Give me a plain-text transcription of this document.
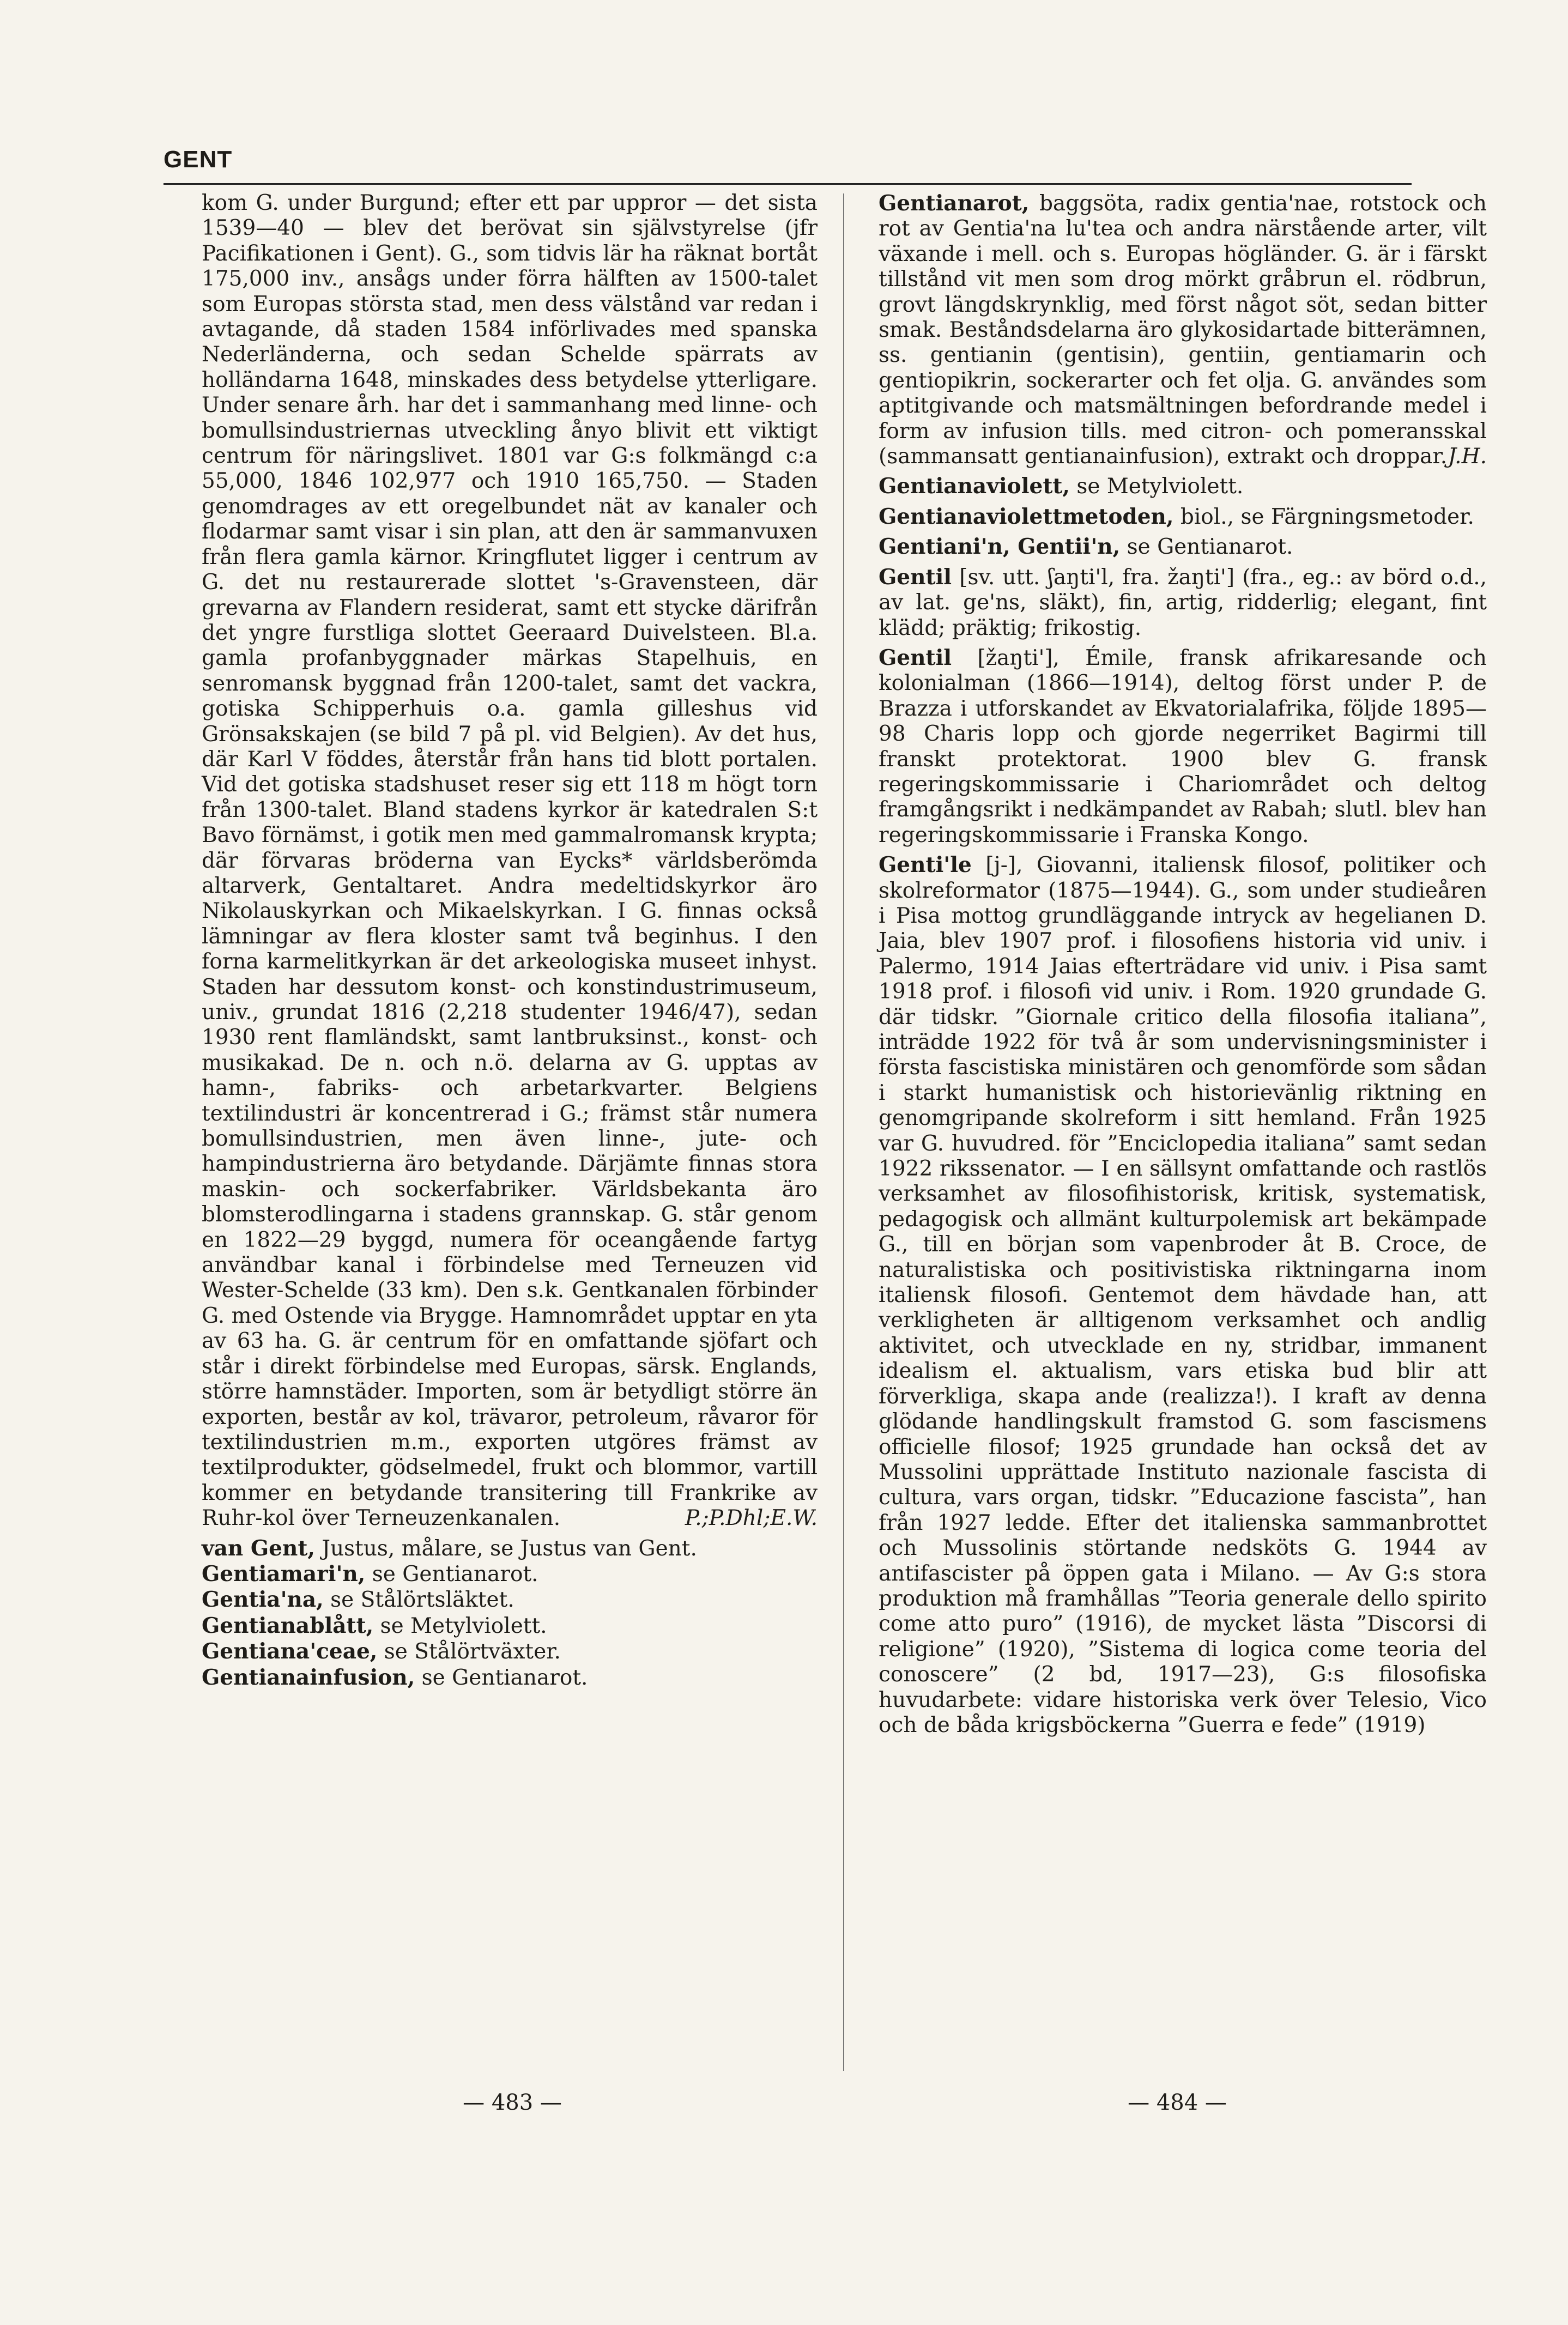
GENT

kom G. under Burgund; efter ett par uppror — det sista 1539—40 — blev det berövat sin självstyrelse (jfr Pacifikationen i Gent). G., som tidvis lär ha räknat bortåt 175,000 inv., ansågs under förra hälften av 1500-talet som Europas största stad, men dess välstånd var redan i avtagande, då staden 1584 införlivades med spanska Nederländerna, och sedan Schelde spärrats av holländarna 1648, minskades dess betydelse ytterligare. Under senare årh. har det i sammanhang med linne- och bomullsindustriernas utveckling ånyo blivit ett viktigt centrum för näringslivet. 1801 var G:s folkmängd c:a 55,000, 1846 102,977 och 1910 165,750. — Staden genomdrages av ett oregelbundet nät av kanaler och flodarmar samt visar i sin plan, att den är sammanvuxen från flera gamla kärnor. Kringflutet ligger i centrum av G. det nu restaurerade slottet 's-Gravensteen, där grevarna av Flandern residerat, samt ett stycke därifrån det yngre furstliga slottet Geeraard Duivelsteen. Bl.a. gamla profanbyggnader märkas Stapelhuis, en senromansk byggnad från 1200-talet, samt det vackra, gotiska Schipperhuis o.a. gamla gilleshus vid Grönsakskajen (se bild 7 på pl. vid Belgien). Av det hus, där Karl V föddes, återstår från hans tid blott portalen. Vid det gotiska stadshuset reser sig ett 118 m högt torn från 1300-talet. Bland stadens kyrkor är katedralen S:t Bavo förnämst, i gotik men med gammalromansk krypta; där förvaras bröderna van Eycks* världsberömda altarverk, Gentaltaret. Andra medeltidskyrkor äro Nikolauskyrkan och Mikaelskyrkan. I G. finnas också lämningar av flera kloster samt två beginhus. I den forna karmelitkyrkan är det arkeologiska museet inhyst. Staden har dessutom konst- och konstindustrimuseum, univ., grundat 1816 (2,218 studenter 1946/47), sedan 1930 rent flamländskt, samt lantbruksinst., konst- och musikakad. De n. och n.ö. delarna av G. upptas av hamn-, fabriks- och arbetarkvarter. Belgiens textilindustri är koncentrerad i G.; främst står numera bomullsindustrien, men även linne-, jute- och hampindustrierna äro betydande. Därjämte finnas stora maskin- och sockerfabriker. Världsbekanta äro blomsterodlingarna i stadens grannskap. G. står genom en 1822—29 byggd, numera för oceangående fartyg användbar kanal i förbindelse med Terneuzen vid Wester-Schelde (33 km). Den s.k. Gentkanalen förbinder G. med Ostende via Brygge. Hamnområdet upptar en yta av 63 ha. G. är centrum för en omfattande sjöfart och står i direkt förbindelse med Europas, särsk. Englands, större hamnstäder. Importen, som är betydligt större än exporten, består av kol, trävaror, petroleum, råvaror för textilindustrien m.m., exporten utgöres främst av textilprodukter, gödselmedel, frukt och blommor, vartill kommer en betydande transitering till Frankrike av Ruhr-kol över Terneuzenkanalen.	P.;P.Dhl;E.W.

van Gent, Justus, målare, se Justus van Gent.

Gentiamari'n, se Gentianarot.

Gentia'na, se Stålörtsläktet.

Gentianablått, se Metylviolett.

Gentiana'ceae, se Stålörtväxter.

Gentianainfusion, se Gentianarot.

Gentianarot, baggsöta, radix gentia'nae, rotstock och rot av Gentia'na lu'tea och andra närstående arter, vilt växande i mell. och s. Europas högländer. G. är i färskt tillstånd vit men som drog mörkt gråbrun el. rödbrun, grovt längdskrynklig, med först något söt, sedan bitter smak. Beståndsdelarna äro glykosidartade bitterämnen, ss. gentianin (gentisin), gentiin, gentiamarin och gentiopikrin, sockerarter och fet olja. G. användes som aptitgivande och matsmältningen befordrande medel i form av infusion tills. med citron- och pomeransskal (sammansatt gentianainfusion), extrakt och droppar. J.H.

Gentianaviolett, se Metylviolett.

Gentianaviolettmetoden, biol., se Färgningsmetoder.

Gentiani'n, Gentii'n, se Gentianarot.

Gentil [sv. utt. ʃaŋti'l, fra. žaŋti'] (fra., eg.: av börd o.d., av lat. ge'ns, släkt), fin, artig, ridderlig; elegant, fint klädd; präktig; frikostig.

Gentil [žaŋti'], Émile, fransk afrikaresande och kolonialman (1866—1914), deltog först under P. de Brazza i utforskandet av Ekvatorialafrika, följde 1895—98 Charis lopp och gjorde negerriket Bagirmi till franskt protektorat. 1900 blev G. fransk regeringskommissarie i Chariområdet och deltog framgångsrikt i nedkämpandet av Rabah; slutl. blev han regeringskommissarie i Franska Kongo.

Genti'le [j-], Giovanni, italiensk filosof, politiker och skolreformator (1875—1944). G., som under studieåren i Pisa mottog grundläggande intryck av hegelianen D. Jaia, blev 1907 prof. i filosofiens historia vid univ. i Palermo, 1914 Jaias efterträdare vid univ. i Pisa samt 1918 prof. i filosofi vid univ. i Rom. 1920 grundade G. där tidskr. ”Giornale critico della filosofia italiana”, inträdde 1922 för två år som undervisningsminister i första fascistiska ministären och genomförde som sådan i starkt humanistisk och historievänlig riktning en genomgripande skolreform i sitt hemland. Från 1925 var G. huvudred. för ”Enciclopedia italiana” samt sedan 1922 rikssenator. — I en sällsynt omfattande och rastlös verksamhet av filosofihistorisk, kritisk, systematisk, pedagogisk och allmänt kulturpolemisk art bekämpade G., till en början som vapenbroder åt B. Croce, de naturalistiska och positivistiska riktningarna inom italiensk filosofi. Gentemot dem hävdade han, att verkligheten är alltigenom verksamhet och andlig aktivitet, och utvecklade en ny, stridbar, immanent idealism el. aktualism, vars etiska bud blir att förverkliga, skapa ande (realizza!). I kraft av denna glödande handlingskult framstod G. som fascismens officielle filosof; 1925 grundade han också det av Mussolini upprättade Instituto nazionale fascista di cultura, vars organ, tidskr. ”Educazione fascista”, han från 1927 ledde. Efter det italienska sammanbrottet och Mussolinis störtande nedsköts G. 1944 av antifascister på öppen gata i Milano. — Av G:s stora produktion må framhållas ”Teoria generale dello spirito come atto puro” (1916), de mycket lästa ”Discorsi di religione” (1920), ”Sistema di logica come teoria del conoscere” (2 bd, 1917—23), G:s filosofiska huvudarbete: vidare historiska verk över Telesio, Vico och de båda krigsböckerna ”Guerra e fede” (1919)

— 483 —	— 484 —
